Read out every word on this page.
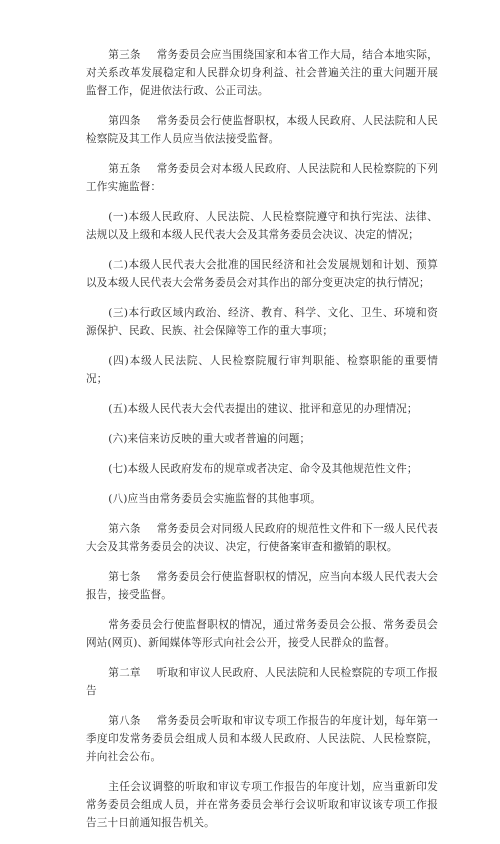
第三条 常务委员会应当围绕国家和本省工作大局，结合本地实际，对关系改革发展稳定和人民群众切身利益、社会普遍关注的重大问题开展监督工作，促进依法行政、公正司法。

第四条 常务委员会行使监督职权，本级人民政府、人民法院和人民检察院及其工作人员应当依法接受监督。

第五条 常务委员会对本级人民政府、人民法院和人民检察院的下列工作实施监督：

(一)本级人民政府、人民法院、人民检察院遵守和执行宪法、法律、法规以及上级和本级人民代表大会及其常务委员会决议、决定的情况；

(二)本级人民代表大会批准的国民经济和社会发展规划和计划、预算以及本级人民代表大会常务委员会对其作出的部分变更决定的执行情况；

(三)本行政区域内政治、经济、教育、科学、文化、卫生、环境和资源保护、民政、民族、社会保障等工作的重大事项；

(四)本级人民法院、人民检察院履行审判职能、检察职能的重要情况；

(五)本级人民代表大会代表提出的建议、批评和意见的办理情况；

(六)来信来访反映的重大或者普遍的问题；

(七)本级人民政府发布的规章或者决定、命令及其他规范性文件；

(八)应当由常务委员会实施监督的其他事项。

第六条 常务委员会对同级人民政府的规范性文件和下一级人民代表大会及其常务委员会的决议、决定，行使备案审查和撤销的职权。

第七条 常务委员会行使监督职权的情况，应当向本级人民代表大会报告，接受监督。

常务委员会行使监督职权的情况，通过常务委员会公报、常务委员会网站(网页)、新闻媒体等形式向社会公开，接受人民群众的监督。

第二章 听取和审议人民政府、人民法院和人民检察院的专项工作报告

第八条 常务委员会听取和审议专项工作报告的年度计划，每年第一季度印发常务委员会组成人员和本级人民政府、人民法院、人民检察院，并向社会公布。

主任会议调整的听取和审议专项工作报告的年度计划，应当重新印发常务委员会组成人员，并在常务委员会举行会议听取和审议该专项工作报告三十日前通知报告机关。
